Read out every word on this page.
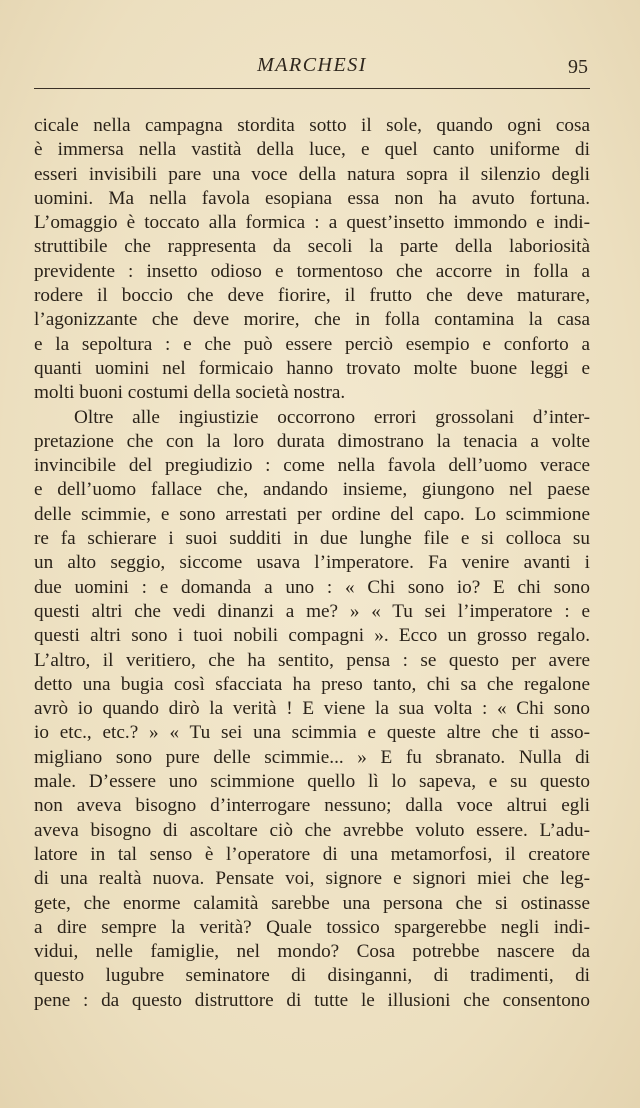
MARCHESI	95
cicale nella campagna stordita sotto il sole, quando ogni cosa
è immersa nella vastità della luce, e quel canto uniforme di
esseri invisibili pare una voce della natura sopra il silenzio degli
uomini. Ma nella favola esopiana essa non ha avuto fortuna.
L’omaggio è toccato alla formica : a quest’insetto immondo e indi-
struttibile che rappresenta da secoli la parte della laboriosità
previdente : insetto odioso e tormentoso che accorre in folla a
rodere il boccio che deve fiorire, il frutto che deve maturare,
l’agonizzante che deve morire, che in folla contamina la casa
e la sepoltura : e che può essere perciò esempio e conforto a
quanti uomini nel formicaio hanno trovato molte buone leggi e
molti buoni costumi della società nostra.
Oltre alle ingiustizie occorrono errori grossolani d’inter-
pretazione che con la loro durata dimostrano la tenacia a volte
invincibile del pregiudizio : come nella favola dell’uomo verace
e dell’uomo fallace che, andando insieme, giungono nel paese
delle scimmie, e sono arrestati per ordine del capo. Lo scimmione
re fa schierare i suoi sudditi in due lunghe file e si colloca su
un alto seggio, siccome usava l’imperatore. Fa venire avanti i
due uomini : e domanda a uno : « Chi sono io? E chi sono
questi altri che vedi dinanzi a me? » « Tu sei l’imperatore : e
questi altri sono i tuoi nobili compagni ». Ecco un grosso regalo.
L’altro, il veritiero, che ha sentito, pensa : se questo per avere
detto una bugia così sfacciata ha preso tanto, chi sa che regalone
avrò io quando dirò la verità ! E viene la sua volta : « Chi sono
io etc., etc.? » « Tu sei una scimmia e queste altre che ti asso-
migliano sono pure delle scimmie... » E fu sbranato. Nulla di
male. D’essere uno scimmione quello lì lo sapeva, e su questo
non aveva bisogno d’interrogare nessuno; dalla voce altrui egli
aveva bisogno di ascoltare ciò che avrebbe voluto essere. L’adu-
latore in tal senso è l’operatore di una metamorfosi, il creatore
di una realtà nuova. Pensate voi, signore e signori miei che leg-
gete, che enorme calamità sarebbe una persona che si ostinasse
a dire sempre la verità? Quale tossico spargerebbe negli indi-
vidui, nelle famiglie, nel mondo? Cosa potrebbe nascere da
questo lugubre seminatore di disinganni, di tradimenti, di
pene : da questo distruttore di tutte le illusioni che consentono
